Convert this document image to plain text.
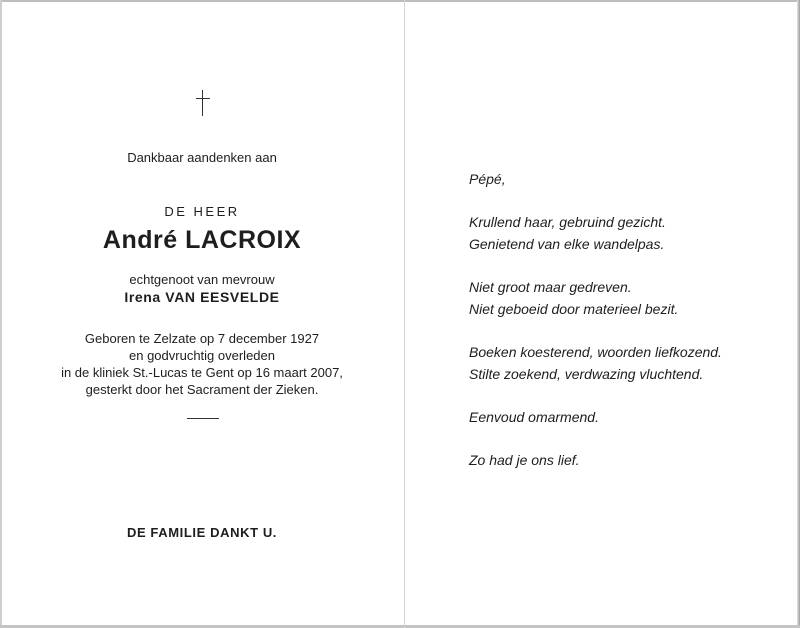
Dankbaar aandenken aan
DE HEER
André LACROIX
echtgenoot van mevrouw
Irena VAN EESVELDE
Geboren te Zelzate op 7 december 1927
en godvruchtig overleden
in de kliniek St.-Lucas te Gent op 16 maart 2007,
gesterkt door het Sacrament der Zieken.
DE FAMILIE DANKT U.
Pépé,
Krullend haar, gebruind gezicht.
Genietend van elke wandelpas.
Niet groot maar gedreven.
Niet geboeid door materieel bezit.
Boeken koesterend, woorden liefkozend.
Stilte zoekend, verdwazing vluchtend.
Eenvoud omarmend.
Zo had je ons lief.
